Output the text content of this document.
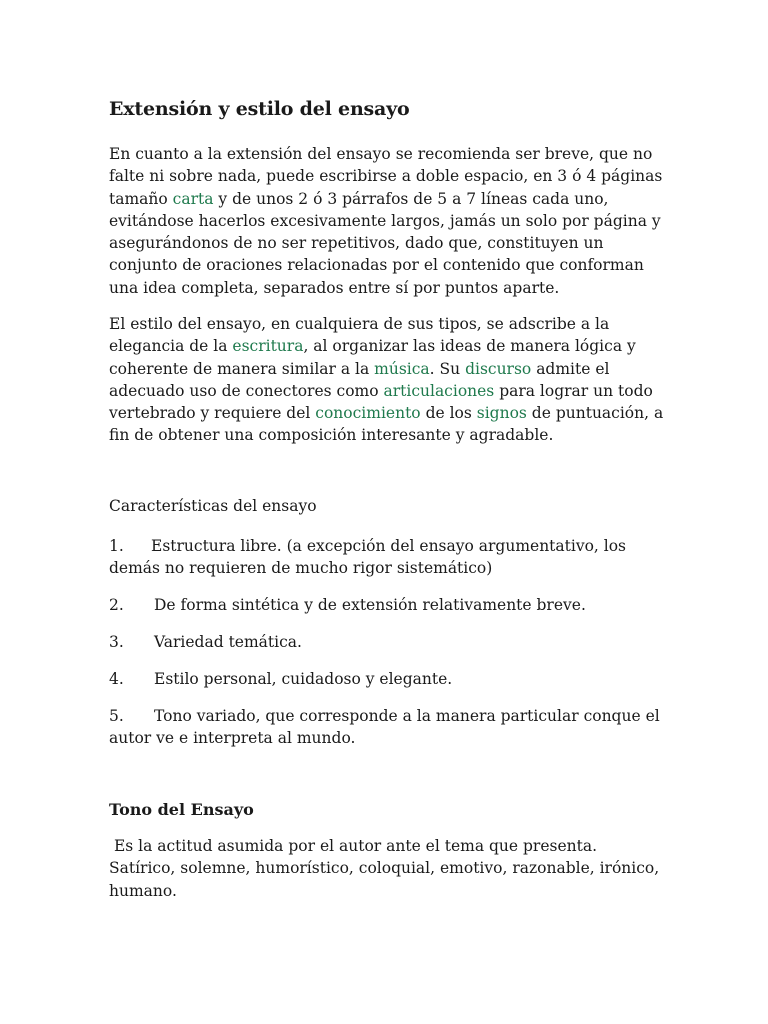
Extensión y estilo del ensayo

En cuanto a la extensión del ensayo se recomienda ser breve, que no falte ni sobre nada, puede escribirse a doble espacio, en 3 ó 4 páginas tamaño carta y de unos 2 ó 3 párrafos de 5 a 7 líneas cada uno, evitándose hacerlos excesivamente largos, jamás un solo por página y asegurándonos de no ser repetitivos, dado que, constituyen un conjunto de oraciones relacionadas por el contenido que conforman una idea completa, separados entre sí por puntos aparte.

El estilo del ensayo, en cualquiera de sus tipos, se adscribe a la elegancia de la escritura, al organizar las ideas de manera lógica y coherente de manera similar a la música. Su discurso admite el adecuado uso de conectores como articulaciones para lograr un todo vertebrado y requiere del conocimiento de los signos de puntuación, a fin de obtener una composición interesante y agradable.

Características del ensayo

1. Estructura libre. (a excepción del ensayo argumentativo, los demás no requieren de mucho rigor sistemático)

2. De forma sintética y de extensión relativamente breve.

3. Variedad temática.

4. Estilo personal, cuidadoso y elegante.

5. Tono variado, que corresponde a la manera particular conque el autor ve e interpreta al mundo.

Tono del Ensayo

Es la actitud asumida por el autor ante el tema que presenta. Satírico, solemne, humorístico, coloquial, emotivo, razonable, irónico, humano.
